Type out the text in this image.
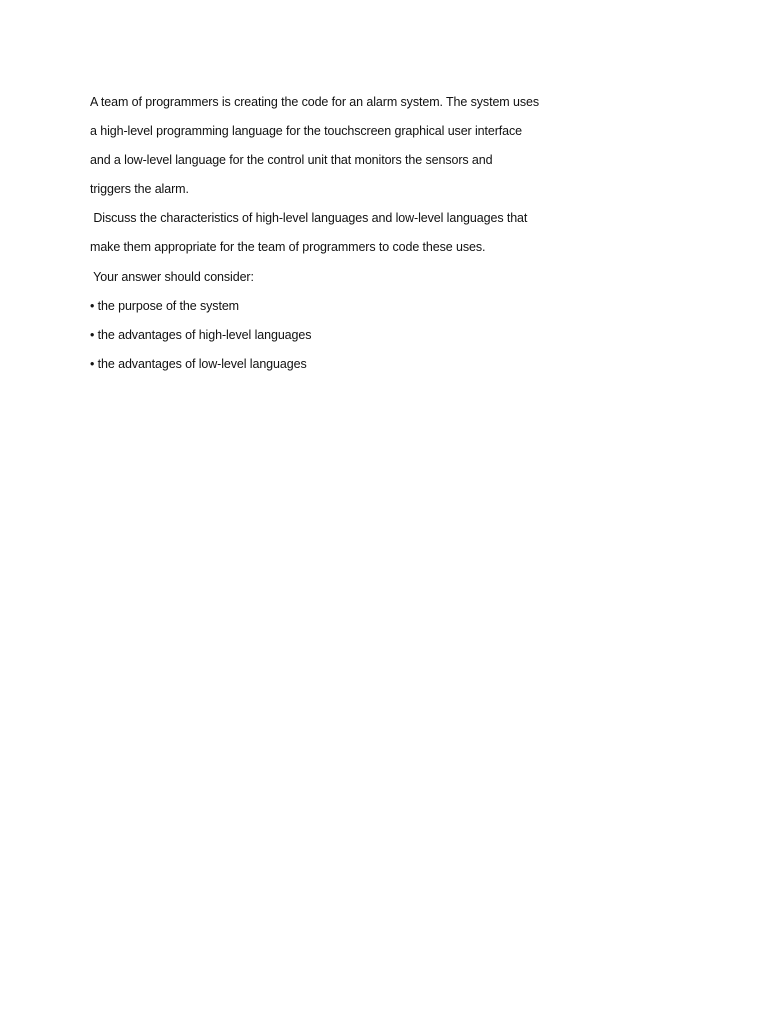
A team of programmers is creating the code for an alarm system. The system uses
a high-level programming language for the touchscreen graphical user interface
and a low-level language for the control unit that monitors the sensors and
triggers the alarm.
Discuss the characteristics of high-level languages and low-level languages that
make them appropriate for the team of programmers to code these uses.
Your answer should consider:
• the purpose of the system
• the advantages of high-level languages
• the advantages of low-level languages
